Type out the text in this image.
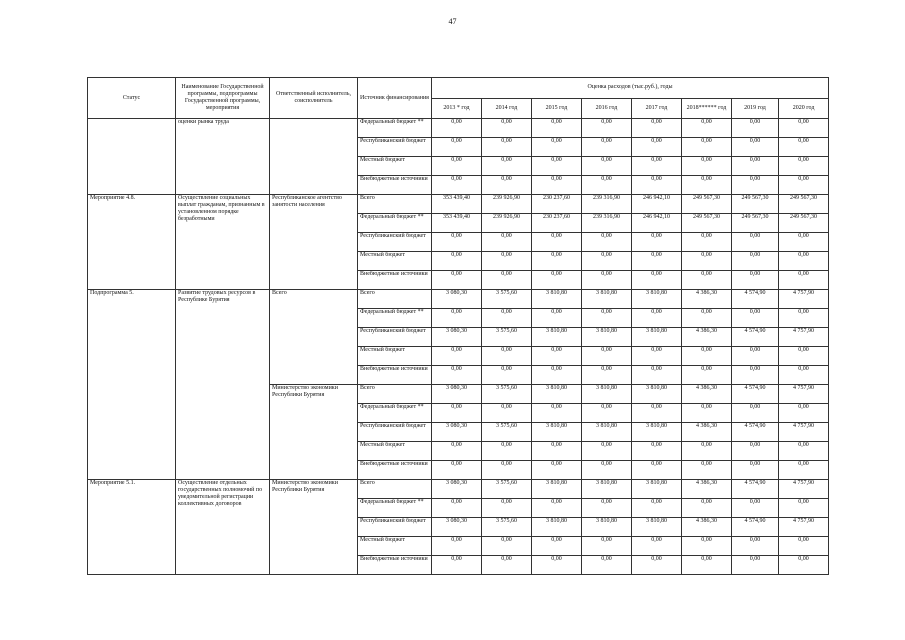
47
Статус	Наименование Государственной программы, подпрограммы Государственной программы, мероприятия	Ответственный исполнитель, соисполнитель	Источник финансирования	Оценка расходов (тыс.руб.), годы							
				2013 * год	2014 год	2015 год	2016 год	2017 год	2018****** год	2019 год	2020 год
	оценки рынка труда		Федеральный бюджет **	0,00	0,00	0,00	0,00	0,00	0,00	0,00	0,00
			Республиканский бюджет	0,00	0,00	0,00	0,00	0,00	0,00	0,00	0,00
			Местный бюджет	0,00	0,00	0,00	0,00	0,00	0,00	0,00	0,00
			Внебюджетные источники	0,00	0,00	0,00	0,00	0,00	0,00	0,00	0,00
Мероприятие 4.8.	Осуществление социальных выплат гражданам, признанным в установленном порядке безработными	Республиканское агентство занятости населения	Всего	353 439,40	239 926,90	230 237,60	239 316,90	246 942,10	249 567,30	249 567,30	249 567,30
			Федеральный бюджет **	353 439,40	239 926,90	230 237,60	239 316,90	246 942,10	249 567,30	249 567,30	249 567,30
			Республиканский бюджет	0,00	0,00	0,00	0,00	0,00	0,00	0,00	0,00
			Местный бюджет	0,00	0,00	0,00	0,00	0,00	0,00	0,00	0,00
			Внебюджетные источники	0,00	0,00	0,00	0,00	0,00	0,00	0,00	0,00
Подпрограмма 5.	Развитие трудовых ресурсов в Республике Бурятия	Всего	Всего	3 080,30	3 575,60	3 810,80	3 810,80	3 810,80	4 386,30	4 574,90	4 757,90
			Федеральный бюджет **	0,00	0,00	0,00	0,00	0,00	0,00	0,00	0,00
			Республиканский бюджет	3 080,30	3 575,60	3 810,80	3 810,80	3 810,80	4 386,30	4 574,90	4 757,90
			Местный бюджет	0,00	0,00	0,00	0,00	0,00	0,00	0,00	0,00
			Внебюджетные источники	0,00	0,00	0,00	0,00	0,00	0,00	0,00	0,00
		Министерство экономики Республики Бурятия	Всего	3 080,30	3 575,60	3 810,80	3 810,80	3 810,80	4 386,30	4 574,90	4 757,90
			Федеральный бюджет **	0,00	0,00	0,00	0,00	0,00	0,00	0,00	0,00
			Республиканский бюджет	3 080,30	3 575,60	3 810,80	3 810,80	3 810,80	4 386,30	4 574,90	4 757,90
			Местный бюджет	0,00	0,00	0,00	0,00	0,00	0,00	0,00	0,00
			Внебюджетные источники	0,00	0,00	0,00	0,00	0,00	0,00	0,00	0,00
Мероприятие 5.1.	Осуществление отдельных государственных полномочий по уведомительной регистрации коллективных договоров	Министерство экономики Республики Бурятия	Всего	3 080,30	3 575,60	3 810,80	3 810,80	3 810,80	4 386,30	4 574,90	4 757,90
			Федеральный бюджет **	0,00	0,00	0,00	0,00	0,00	0,00	0,00	0,00
			Республиканский бюджет	3 080,30	3 575,60	3 810,80	3 810,80	3 810,80	4 386,30	4 574,90	4 757,90
			Местный бюджет	0,00	0,00	0,00	0,00	0,00	0,00	0,00	0,00
			Внебюджетные источники	0,00	0,00	0,00	0,00	0,00	0,00	0,00	0,00
